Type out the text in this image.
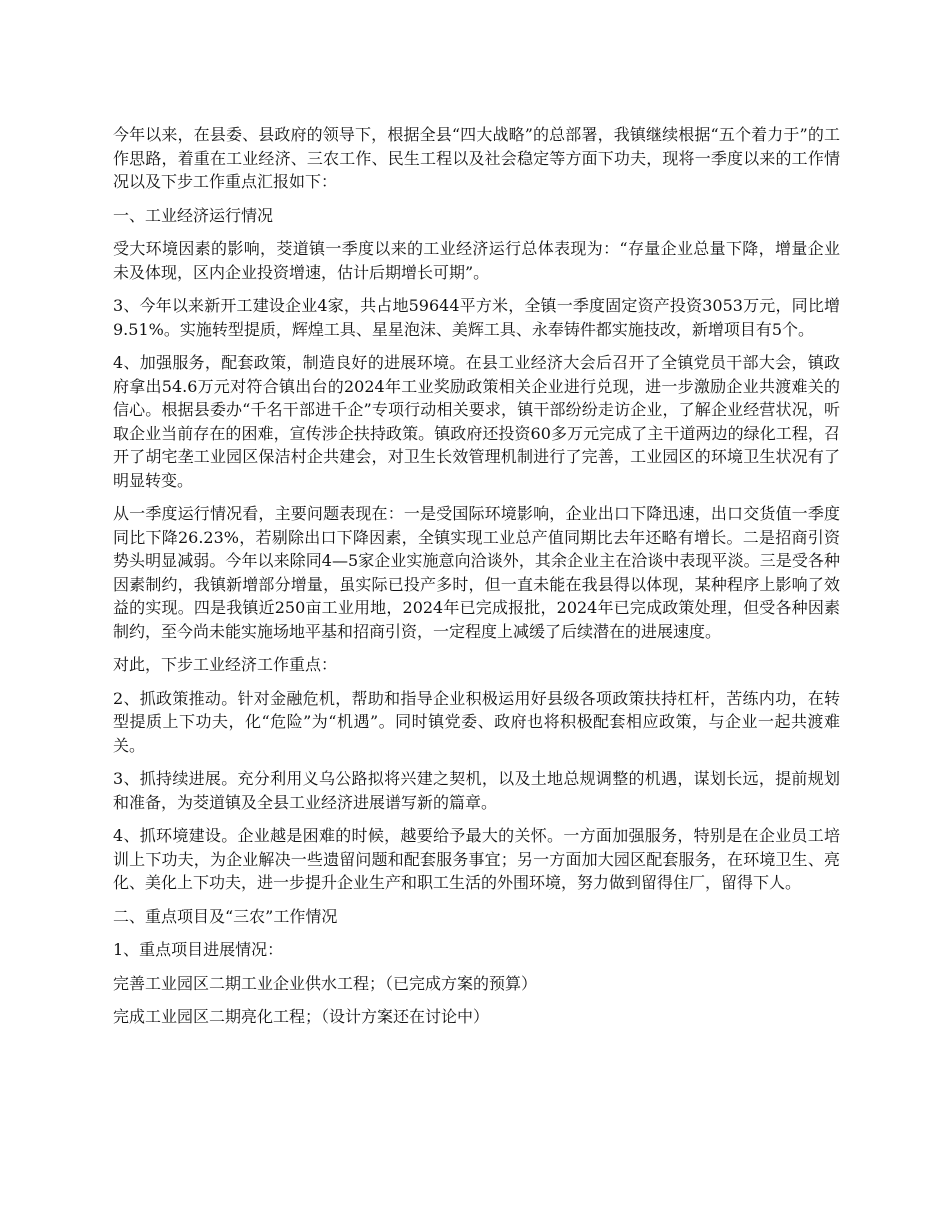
今年以来，在县委、县政府的领导下，根据全县“四大战略”的总部署，我镇继续根据“五个着力于”的工作思路，着重在工业经济、三农工作、民生工程以及社会稳定等方面下功夫，现将一季度以来的工作情况以及下步工作重点汇报如下：

一、工业经济运行情况

受大环境因素的影响，茭道镇一季度以来的工业经济运行总体表现为：“存量企业总量下降，增量企业未及体现，区内企业投资增速，估计后期增长可期”。

3、今年以来新开工建设企业4家，共占地59644平方米，全镇一季度固定资产投资3053万元，同比增9.51%。实施转型提质，辉煌工具、星星泡沫、美辉工具、永奉铸件都实施技改，新增项目有5个。

4、加强服务，配套政策，制造良好的进展环境。在县工业经济大会后召开了全镇党员干部大会，镇政府拿出54.6万元对符合镇出台的2024年工业奖励政策相关企业进行兑现，进一步激励企业共渡难关的信心。根据县委办“千名干部进千企”专项行动相关要求，镇干部纷纷走访企业，了解企业经营状况，听取企业当前存在的困难，宣传涉企扶持政策。镇政府还投资60多万元完成了主干道两边的绿化工程，召开了胡宅垄工业园区保洁村企共建会，对卫生长效管理机制进行了完善，工业园区的环境卫生状况有了明显转变。

从一季度运行情况看，主要问题表现在：一是受国际环境影响，企业出口下降迅速，出口交货值一季度同比下降26.23%，若剔除出口下降因素，全镇实现工业总产值同期比去年还略有增长。二是招商引资势头明显减弱。今年以来除同4—5家企业实施意向洽谈外，其余企业主在洽谈中表现平淡。三是受各种因素制约，我镇新增部分增量，虽实际已投产多时，但一直未能在我县得以体现，某种程序上影响了效益的实现。四是我镇近250亩工业用地，2024年已完成报批，2024年已完成政策处理，但受各种因素制约，至今尚未能实施场地平基和招商引资，一定程度上减缓了后续潜在的进展速度。

对此，下步工业经济工作重点：

2、抓政策推动。针对金融危机，帮助和指导企业积极运用好县级各项政策扶持杠杆，苦练内功，在转型提质上下功夫，化“危险”为“机遇”。同时镇党委、政府也将积极配套相应政策，与企业一起共渡难关。

3、抓持续进展。充分利用义乌公路拟将兴建之契机，以及土地总规调整的机遇，谋划长远，提前规划和准备，为茭道镇及全县工业经济进展谱写新的篇章。

4、抓环境建设。企业越是困难的时候，越要给予最大的关怀。一方面加强服务，特别是在企业员工培训上下功夫，为企业解决一些遗留问题和配套服务事宜；另一方面加大园区配套服务，在环境卫生、亮化、美化上下功夫，进一步提升企业生产和职工生活的外围环境，努力做到留得住厂，留得下人。

二、重点项目及“三农”工作情况

1、重点项目进展情况：

完善工业园区二期工业企业供水工程；（已完成方案的预算）

完成工业园区二期亮化工程；（设计方案还在讨论中）
